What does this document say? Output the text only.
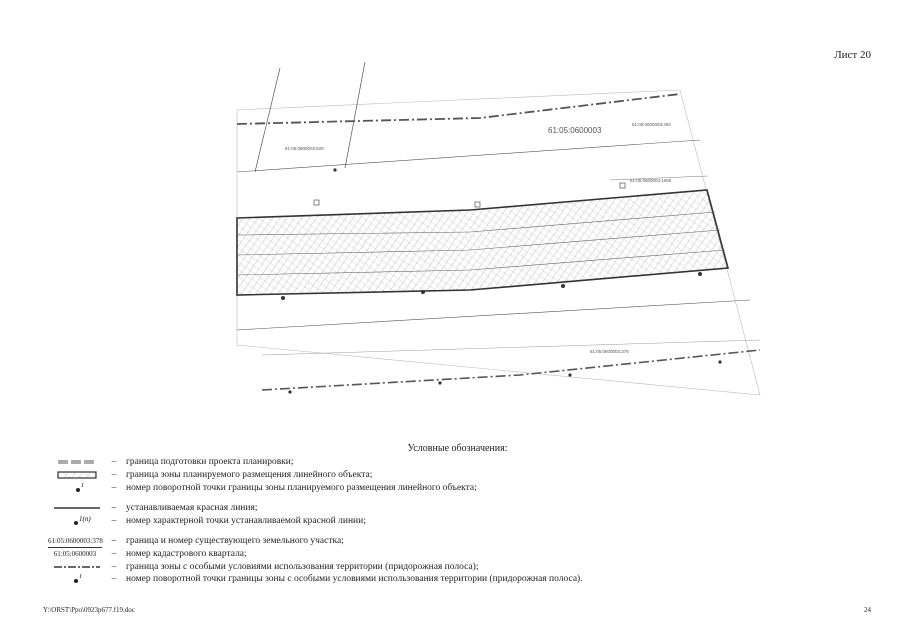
Лист 20
61:05:0600003
61:05:0600003:494
61:05:0600003:528
61:05:0600003:378
61:05:0600003:1080
Условные обозначения:
–	граница подготовки проекта планировки;
–	граница зоны планируемого размещения линейного объекта;
1	–	номер поворотной точки границы зоны планируемого размещения линейного объекта;
–	устанавливаемая красная линия;
1(n)	–	номер характерной точки устанавливаемой красной линии;
61:05:0600003:378 –	граница и номер существующего земельного участка;
61:05:0600003	–	номер кадастрового квартала;
–	граница зоны с особыми условиями использования территории (придорожная полоса);
1	–	номер поворотной точки границы зоны с особыми условиями использования территории (придорожная полоса).
Y:\ORST\Ppo\0923p677.f19.doc	24
